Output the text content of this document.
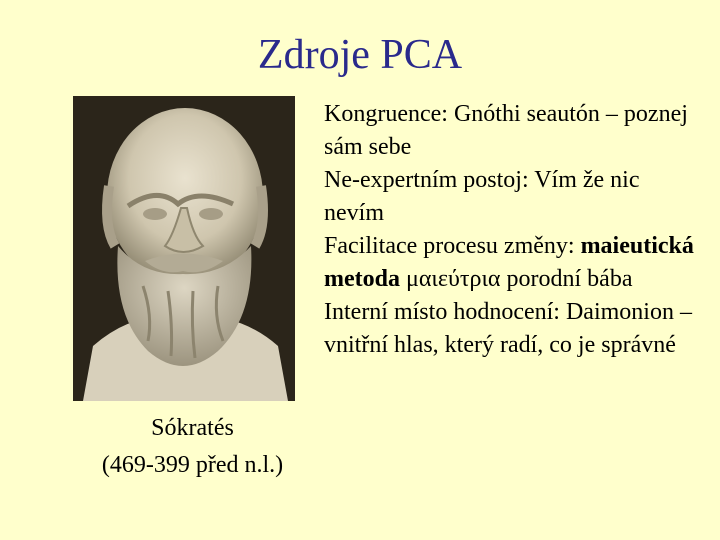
Zdroje PCA
Sókratés
(469-399 před n.l.)

Kongruence: Gnóthi seautón – poznej sám sebe

Ne-expertním postoj: Vím že nic nevím

Facilitace procesu změny: maieutická metoda μαιεύτρια porodní bába

Interní místo hodnocení: Daimonion – vnitřní hlas, který radí, co je správné
